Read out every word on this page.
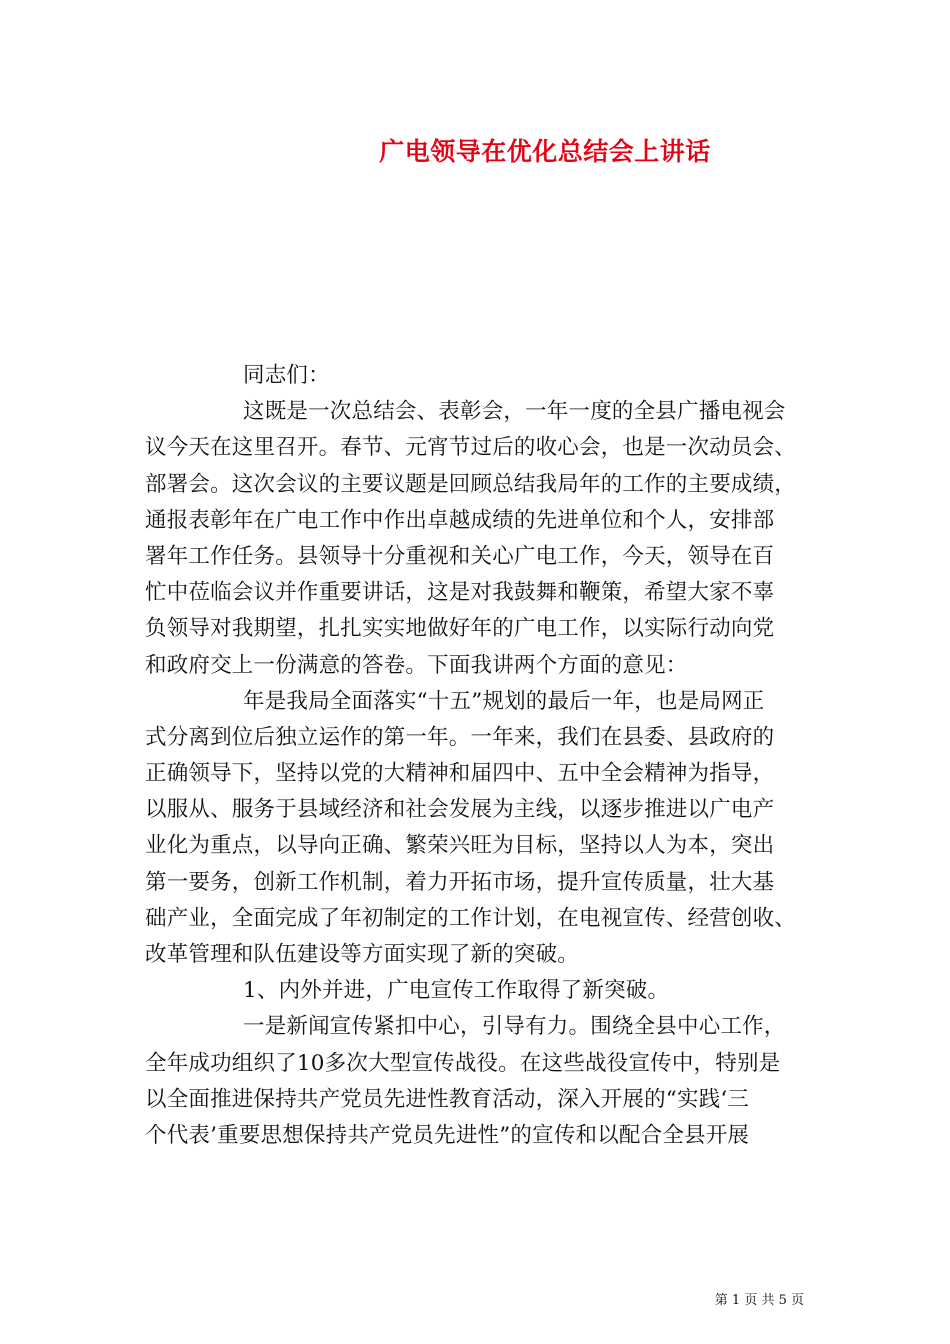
广电领导在优化总结会上讲话
同志们：
这既是一次总结会、表彰会，一年一度的全县广播电视会
议今天在这里召开。春节、元宵节过后的收心会，也是一次动员会、
部署会。这次会议的主要议题是回顾总结我局年的工作的主要成绩，
通报表彰年在广电工作中作出卓越成绩的先进单位和个人，安排部
署年工作任务。县领导十分重视和关心广电工作，今天，领导在百
忙中莅临会议并作重要讲话，这是对我鼓舞和鞭策，希望大家不辜
负领导对我期望，扎扎实实地做好年的广电工作，以实际行动向党
和政府交上一份满意的答卷。下面我讲两个方面的意见：
年是我局全面落实“十五”规划的最后一年，也是局网正
式分离到位后独立运作的第一年。一年来，我们在县委、县政府的
正确领导下，坚持以党的大精神和届四中、五中全会精神为指导，
以服从、服务于县域经济和社会发展为主线，以逐步推进以广电产
业化为重点，以导向正确、繁荣兴旺为目标，坚持以人为本，突出
第一要务，创新工作机制，着力开拓市场，提升宣传质量，壮大基
础产业，全面完成了年初制定的工作计划，在电视宣传、经营创收、
改革管理和队伍建设等方面实现了新的突破。
1、内外并进，广电宣传工作取得了新突破。
一是新闻宣传紧扣中心，引导有力。围绕全县中心工作，
全年成功组织了10多次大型宣传战役。在这些战役宣传中，特别是
以全面推进保持共产党员先进性教育活动，深入开展的“实践‘三
个代表’重要思想保持共产党员先进性”的宣传和以配合全县开展
第 1 页 共 5 页
